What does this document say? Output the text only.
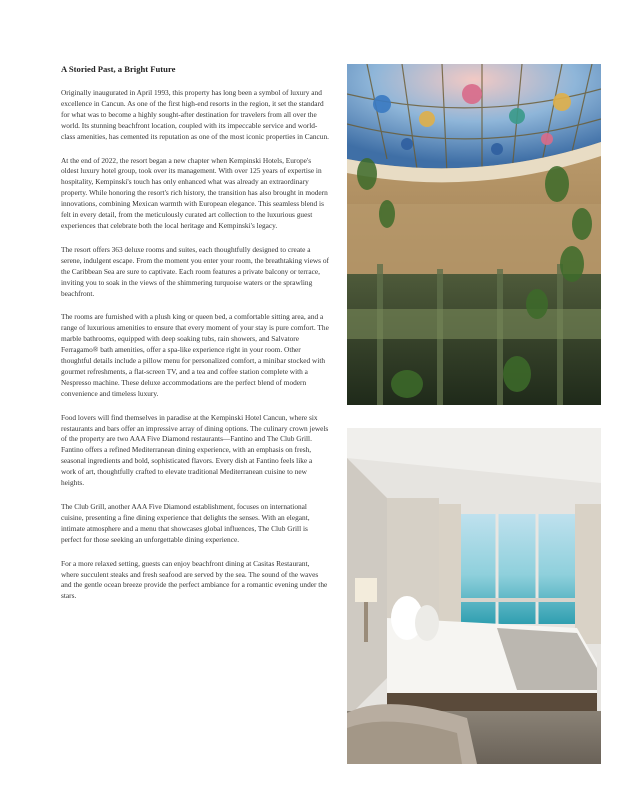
A Storied Past, a Bright Future

Originally inaugurated in April 1993, this property has long been a symbol of luxury and excellence in Cancun. As one of the first high-end resorts in the region, it set the standard for what was to become a highly sought-after destination for travelers from all over the world. Its stunning beachfront location, coupled with its impeccable service and world-class amenities, has cemented its reputation as one of the most iconic properties in Cancun.

At the end of 2022, the resort began a new chapter when Kempinski Hotels, Europe's oldest luxury hotel group, took over its management. With over 125 years of expertise in hospitality, Kempinski's touch has only enhanced what was already an extraordinary property. While honoring the resort's rich history, the transition has also brought in modern innovations, combining Mexican warmth with European elegance. This seamless blend is felt in every detail, from the meticulously curated art collection to the luxurious guest experiences that celebrate both the local heritage and Kempinski's legacy.

The resort offers 363 deluxe rooms and suites, each thoughtfully designed to create a serene, indulgent escape. From the moment you enter your room, the breathtaking views of the Caribbean Sea are sure to captivate. Each room features a private balcony or terrace, inviting you to soak in the views of the shimmering turquoise waters or the sprawling beachfront.

The rooms are furnished with a plush king or queen bed, a comfortable sitting area, and a range of luxurious amenities to ensure that every moment of your stay is pure comfort. The marble bathrooms, equipped with deep soaking tubs, rain showers, and Salvatore Ferragamo® bath amenities, offer a spa-like experience right in your room. Other thoughtful details include a pillow menu for personalized comfort, a minibar stocked with gourmet refreshments, a flat-screen TV, and a tea and coffee station complete with a Nespresso machine. These deluxe accommodations are the perfect blend of modern convenience and timeless luxury.

Food lovers will find themselves in paradise at the Kempinski Hotel Cancun, where six restaurants and bars offer an impressive array of dining options. The culinary crown jewels of the property are two AAA Five Diamond restaurants—Fantino and The Club Grill. Fantino offers a refined Mediterranean dining experience, with an emphasis on fresh, seasonal ingredients and bold, sophisticated flavors. Every dish at Fantino feels like a work of art, thoughtfully crafted to elevate traditional Mediterranean cuisine to new heights.

The Club Grill, another AAA Five Diamond establishment, focuses on international cuisine, presenting a fine dining experience that delights the senses. With an elegant, intimate atmosphere and a menu that showcases global influences, The Club Grill is perfect for those seeking an unforgettable dining experience.

For a more relaxed setting, guests can enjoy beachfront dining at Casitas Restaurant, where succulent steaks and fresh seafood are served by the sea. The sound of the waves and the gentle ocean breeze provide the perfect ambiance for a romantic evening under the stars.
